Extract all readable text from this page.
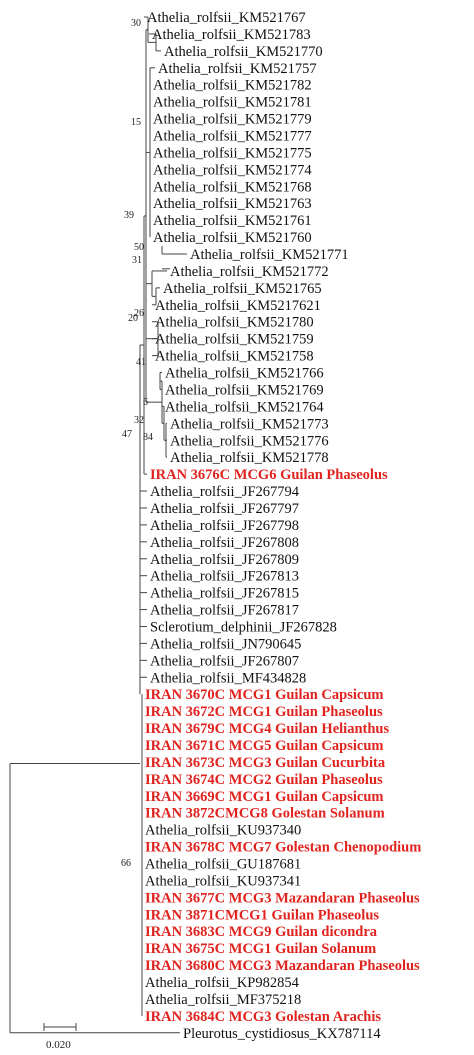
Athelia_rolfsii_KM521767
Athelia_rolfsii_KM521783
Athelia_rolfsii_KM521770
Athelia_rolfsii_KM521757
Athelia_rolfsii_KM521782
Athelia_rolfsii_KM521781
Athelia_rolfsii_KM521779
Athelia_rolfsii_KM521777
Athelia_rolfsii_KM521775
Athelia_rolfsii_KM521774
Athelia_rolfsii_KM521768
Athelia_rolfsii_KM521763
Athelia_rolfsii_KM521761
Athelia_rolfsii_KM521760
Athelia_rolfsii_KM521771
Athelia_rolfsii_KM521772
Athelia_rolfsii_KM521765
Athelia_rolfsii_KM5217621
Athelia_rolfsii_KM521780
Athelia_rolfsii_KM521759
Athelia_rolfsii_KM521758
Athelia_rolfsii_KM521766
Athelia_rolfsii_KM521769
Athelia_rolfsii_KM521764
Athelia_rolfsii_KM521773
Athelia_rolfsii_KM521776
Athelia_rolfsii_KM521778
IRAN 3676C MCG6 Guilan Phaseolus
Athelia_rolfsii_JF267794
Athelia_rolfsii_JF267797
Athelia_rolfsii_JF267798
Athelia_rolfsii_JF267808
Athelia_rolfsii_JF267809
Athelia_rolfsii_JF267813
Athelia_rolfsii_JF267815
Athelia_rolfsii_JF267817
Sclerotium_delphinii_JF267828
Athelia_rolfsii_JN790645
Athelia_rolfsii_JF267807
Athelia_rolfsii_MF434828
IRAN 3670C MCG1 Guilan Capsicum
IRAN 3672C MCG1 Guilan Phaseolus
IRAN 3679C MCG4 Guilan Helianthus
IRAN 3671C MCG5 Guilan Capsicum
IRAN 3673C MCG3 Guilan Cucurbita
IRAN 3674C MCG2 Guilan Phaseolus
IRAN 3669C MCG1 Guilan Capsicum
IRAN 3872CMCG8 Golestan Solanum
Athelia_rolfsii_KU937340
IRAN 3678C MCG7 Golestan Chenopodium
Athelia_rolfsii_GU187681
Athelia_rolfsii_KU937341
IRAN 3677C MCG3 Mazandaran Phaseolus
IRAN 3871CMCG1 Guilan Phaseolus
IRAN 3683C MCG9 Guilan dicondra
IRAN 3675C MCG1 Guilan Solanum
IRAN 3680C MCG3 Mazandaran Phaseolus
Athelia_rolfsii_KP982854
Athelia_rolfsii_MF375218
IRAN 3684C MCG3 Golestan Arachis
Pleurotus_cystidiosus_KX787114
30
15
39
50
31
20
26
41
6
32
84
47
66
0.020
